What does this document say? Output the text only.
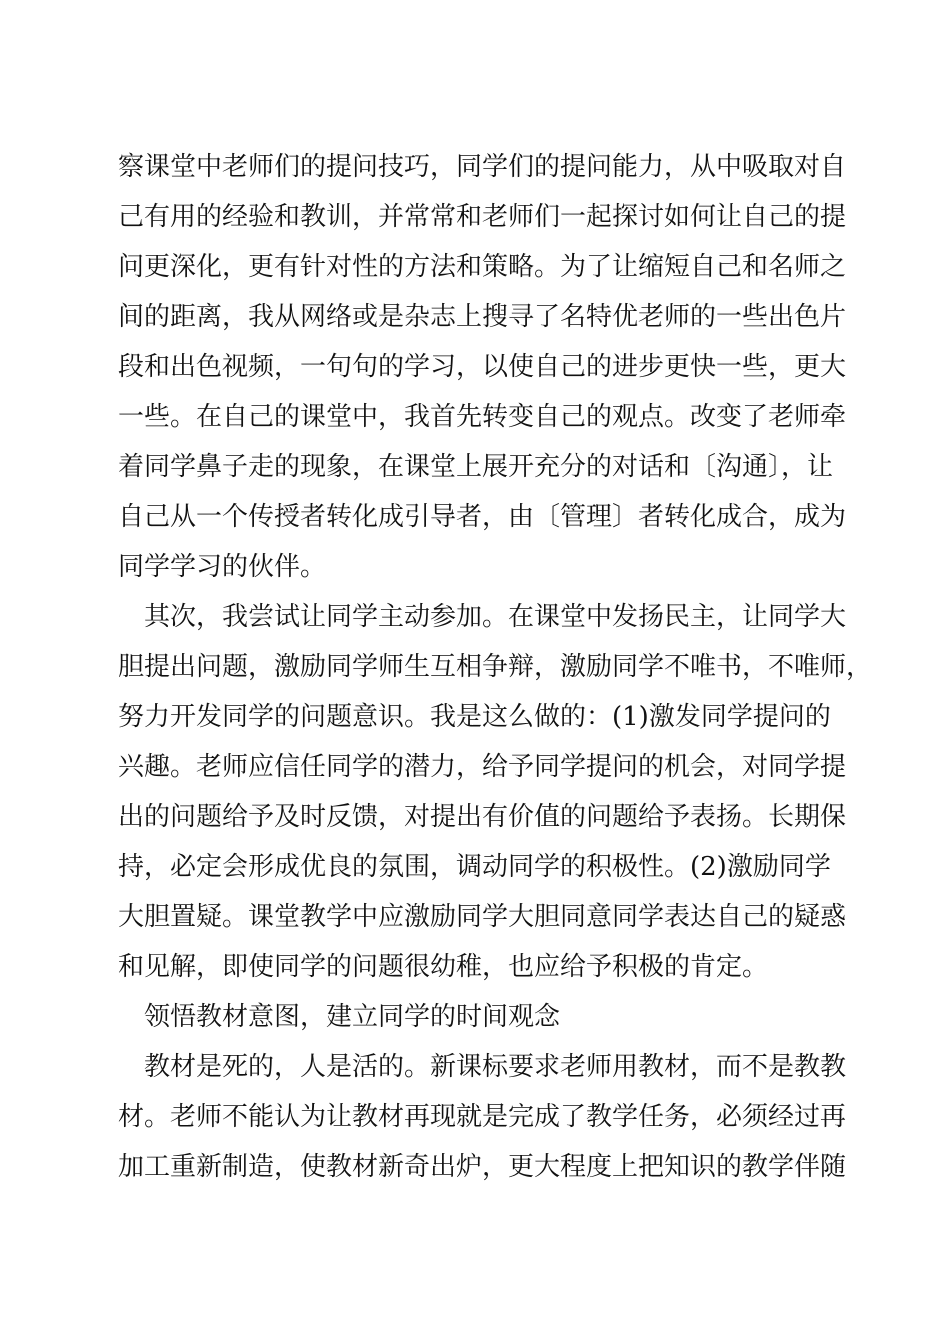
察课堂中老师们的提问技巧，同学们的提问能力，从中吸取对自
己有用的经验和教训，并常常和老师们一起探讨如何让自己的提
问更深化，更有针对性的方法和策略。为了让缩短自己和名师之
间的距离，我从网络或是杂志上搜寻了名特优老师的一些出色片
段和出色视频，一句句的学习，以使自己的进步更快一些，更大
一些。在自己的课堂中，我首先转变自己的观点。改变了老师牵
着同学鼻子走的现象，在课堂上展开充分的对话和〔沟通〕，让
自己从一个传授者转化成引导者，由〔管理〕者转化成合，成为
同学学习的伙伴。
其次，我尝试让同学主动参加。在课堂中发扬民主，让同学大
胆提出问题，激励同学师生互相争辩，激励同学不唯书，不唯师，
努力开发同学的问题意识。我是这么做的：(1)激发同学提问的
兴趣。老师应信任同学的潜力，给予同学提问的机会，对同学提
出的问题给予及时反馈，对提出有价值的问题给予表扬。长期保
持，必定会形成优良的氛围，调动同学的积极性。(2)激励同学
大胆置疑。课堂教学中应激励同学大胆同意同学表达自己的疑惑
和见解，即使同学的问题很幼稚，也应给予积极的肯定。
领悟教材意图，建立同学的时间观念
教材是死的，人是活的。新课标要求老师用教材，而不是教教
材。老师不能认为让教材再现就是完成了教学任务，必须经过再
加工重新制造，使教材新奇出炉，更大程度上把知识的教学伴随
